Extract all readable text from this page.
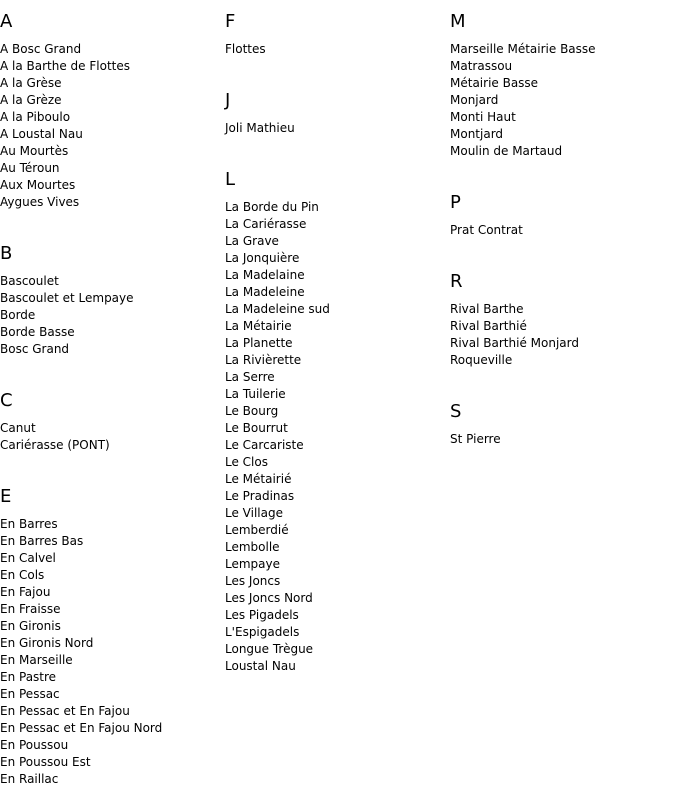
A
A Bosc Grand
A la Barthe de Flottes
A la Grèse
A la Grèze
A la Piboulo
A Loustal Nau
Au Mourtès
Au Téroun
Aux Mourtes
Aygues Vives
B
Bascoulet
Bascoulet et Lempaye
Borde
Borde Basse
Bosc Grand
C
Canut
Cariérasse (PONT)
E
En Barres
En Barres Bas
En Calvel
En Cols
En Fajou
En Fraisse
En Gironis
En Gironis Nord
En Marseille
En Pastre
En Pessac
En Pessac et En Fajou
En Pessac et En Fajou Nord
En Poussou
En Poussou Est
En Raillac
F
Flottes
J
Joli Mathieu
L
La Borde du Pin
La Cariérasse
La Grave
La Jonquière
La Madelaine
La Madeleine
La Madeleine sud
La Métairie
La Planette
La Rivièrette
La Serre
La Tuilerie
Le Bourg
Le Bourrut
Le Carcariste
Le Clos
Le Métairié
Le Pradinas
Le Village
Lemberdié
Lembolle
Lempaye
Les Joncs
Les Joncs Nord
Les Pigadels
L'Espigadels
Longue Trègue
Loustal Nau
M
Marseille Métairie Basse
Matrassou
Métairie Basse
Monjard
Monti Haut
Montjard
Moulin de Martaud
P
Prat Contrat
R
Rival Barthe
Rival Barthié
Rival Barthié Monjard
Roqueville
S
St Pierre
